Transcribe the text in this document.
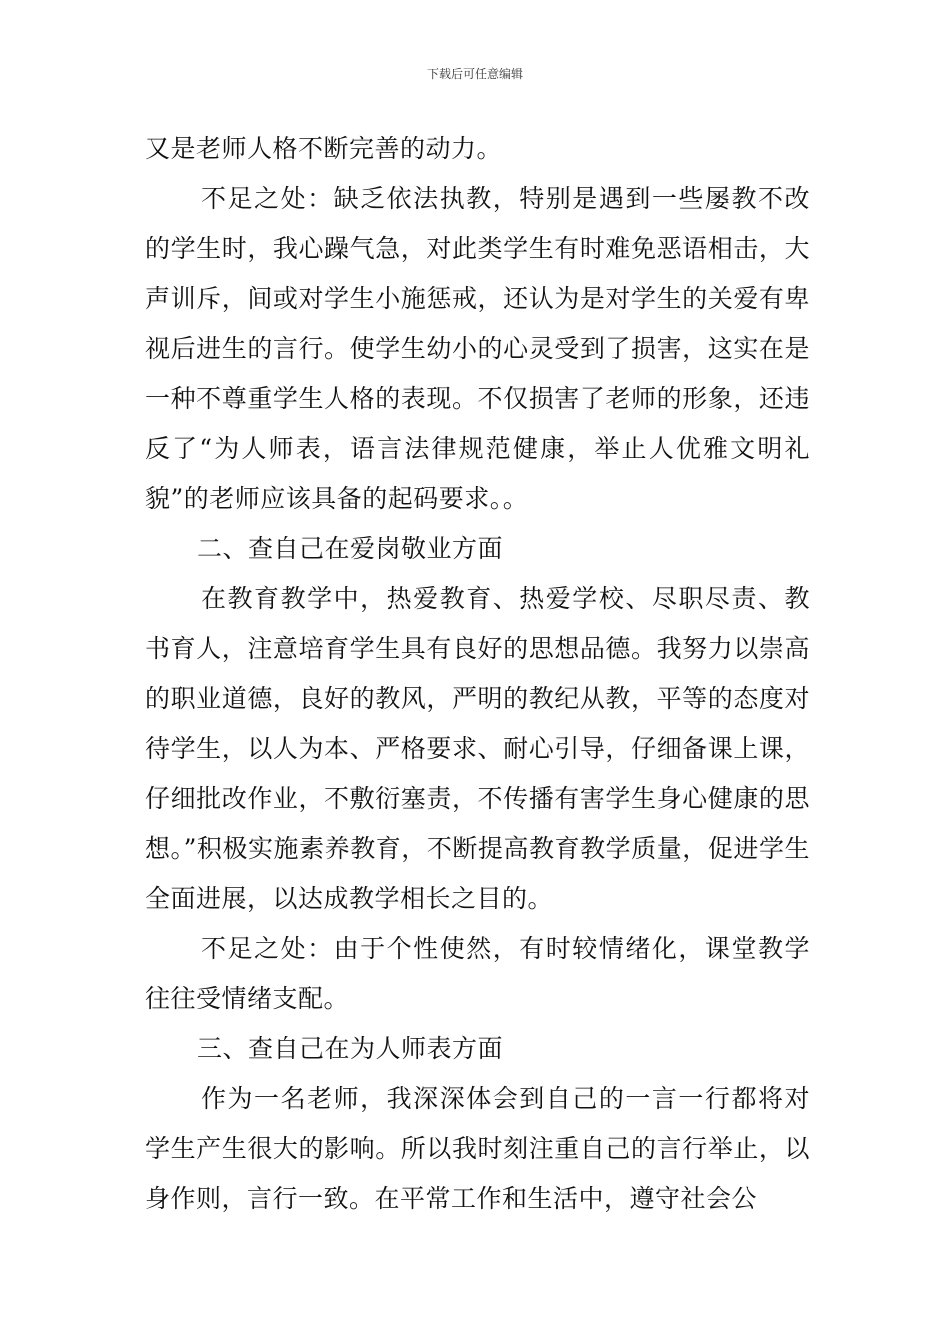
下载后可任意编辑

又是老师人格不断完善的动力。

不足之处：缺乏依法执教，特别是遇到一些屡教不改的学生时，我心躁气急，对此类学生有时难免恶语相击，大声训斥，间或对学生小施惩戒，还认为是对学生的关爱有卑视后进生的言行。使学生幼小的心灵受到了损害，这实在是一种不尊重学生人格的表现。不仅损害了老师的形象，还违反了“为人师表，语言法律规范健康，举止人优雅文明礼貌”的老师应该具备的起码要求。。

二、查自己在爱岗敬业方面

在教育教学中，热爱教育、热爱学校、尽职尽责、教书育人，注意培育学生具有良好的思想品德。我努力以崇高的职业道德，良好的教风，严明的教纪从教，平等的态度对待学生，以人为本、严格要求、耐心引导，仔细备课上课，仔细批改作业，不敷衍塞责，不传播有害学生身心健康的思想。”积极实施素养教育，不断提高教育教学质量，促进学生全面进展，以达成教学相长之目的。

不足之处：由于个性使然，有时较情绪化，课堂教学往往受情绪支配。

三、查自己在为人师表方面

作为一名老师，我深深体会到自己的一言一行都将对学生产生很大的影响。所以我时刻注重自己的言行举止，以身作则，言行一致。在平常工作和生活中，遵守社会公
